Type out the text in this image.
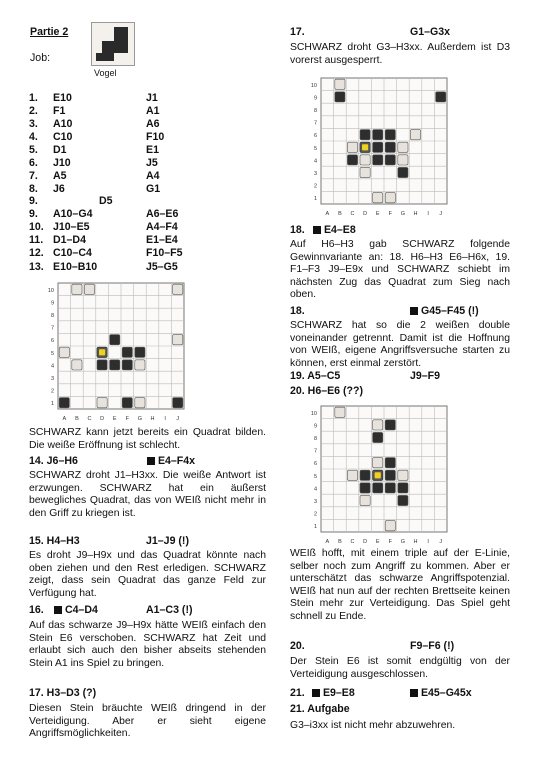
Partie 2
Job:
Vogel
1. E10	J1
2. F1	A1
3. A10	A6
4. C10	F10
5. D1	E1
6. J10	J5
7. A5	A4
8. J6	G1
9.	D5
9. A10–G4	A6–E6
10. J10–E5	A4–F4
11. D1–D4	E1–E4
12. C10–C4	F10–F5
13. E10–B10	J5–G5
10
9
8
7
6
5
4
3
2
1
A B C D E F G H I J
SCHWARZ kann jetzt bereits ein Quadrat bilden. Die weiße Eröffnung ist schlecht.
14. J6–H6	E4–F4x
SCHWARZ droht J1–H3xx. Die weiße Antwort ist erzwungen. SCHWARZ hat ein äußerst bewegliches Quadrat, das von WEIß nicht mehr in den Griff zu kriegen ist.
15. H4–H3	J1–J9 (!)
Es droht J9–H9x und das Quadrat könnte nach oben ziehen und den Rest erledigen. SCHWARZ zeigt, dass sein Quadrat das ganze Feld zur Verfügung hat.
16.	C4–D4	A1–C3 (!)
Auf das schwarze J9–H9x hätte WEIß einfach den Stein E6 verschoben. SCHWARZ hat Zeit und erlaubt sich auch den bisher abseits stehenden Stein A1 ins Spiel zu bringen.
17. H3–D3 (?)
Diesen Stein bräuchte WEIß dringend in der Verteidigung. Aber er sieht eigene Angriffsmöglichkeiten.
17.	G1–G3x
SCHWARZ droht G3–H3xx. Außerdem ist D3 vorerst ausgesperrt.
10
9
8
7
6
5
4
3
2
1
A B C D E F G H I J
18.	E4–E8
Auf H6–H3 gab SCHWARZ folgende Gewinnvariante an: 18. H6–H3 E6–H6x, 19. F1–F3 J9–E9x und SCHWARZ schiebt im nächsten Zug das Quadrat zum Sieg nach oben.
18.	G45–F45 (!)
SCHWARZ hat so die 2 weißen double voneinander getrennt. Damit ist die Hoffnung von WEIß, eigene Angriffsversuche starten zu können, erst einmal zerstört.
19. A5–C5	J9–F9
20. H6–E6 (??)
10
9
8
7
6
5
4
3
2
1
A B C D E F G H I J
WEIß hofft, mit einem triple auf der E-Linie, selber noch zum Angriff zu kommen. Aber er unterschätzt das schwarze Angriffspotenzial. WEIß hat nun auf der rechten Brettseite keinen Stein mehr zur Verteidigung. Das Spiel geht schnell zu Ende.
20.	F9–F6 (!)
Der Stein E6 ist somit endgültig von der Verteidigung ausgeschlossen.
21.	E9–E8	E45–G45x
21. Aufgabe
G3–i3xx ist nicht mehr abzuwehren.
